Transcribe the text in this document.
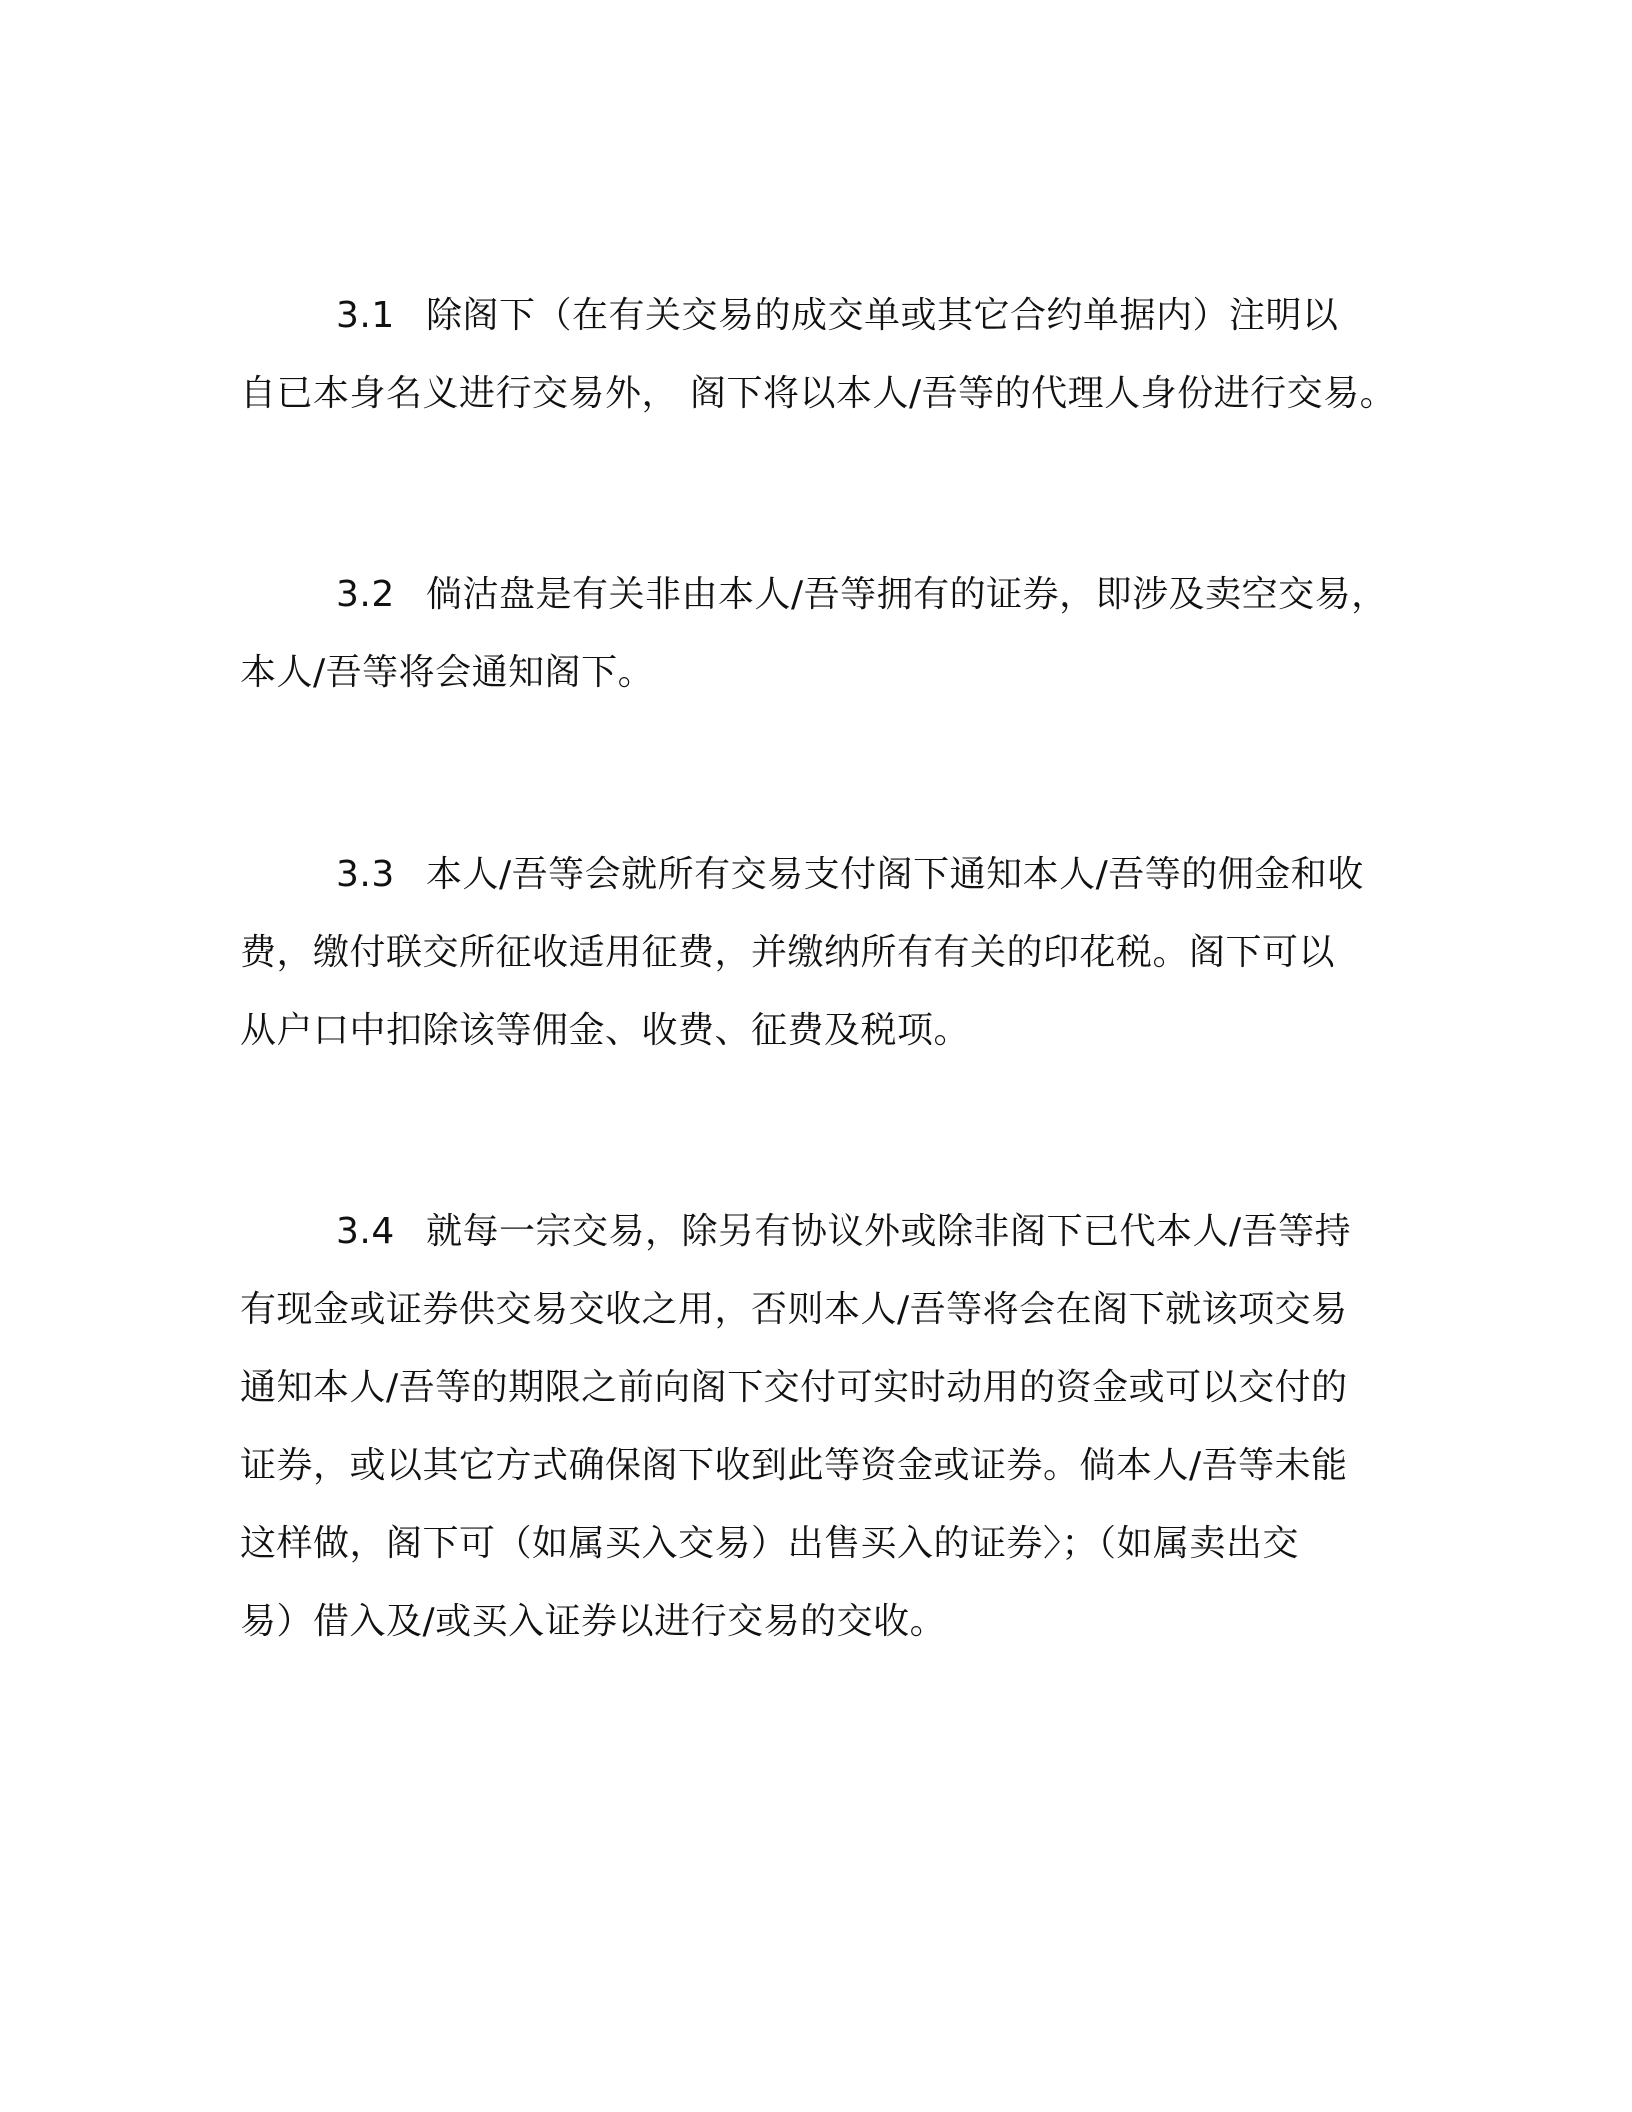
3.1 除阁下（在有关交易的成交单或其它合约单据内）注明以
自已本身名义进行交易外， 阁下将以本人/吾等的代理人身份进行交易。
3.2 倘沽盘是有关非由本人/吾等拥有的证券，即涉及卖空交易，
本人/吾等将会通知阁下。
3.3 本人/吾等会就所有交易支付阁下通知本人/吾等的佣金和收
费，缴付联交所征收适用征费，并缴纳所有有关的印花税。阁下可以
从户口中扣除该等佣金、收费、征费及税项。
3.4 就每一宗交易，除另有协议外或除非阁下已代本人/吾等持
有现金或证券供交易交收之用，否则本人/吾等将会在阁下就该项交易
通知本人/吾等的期限之前向阁下交付可实时动用的资金或可以交付的
证券，或以其它方式确保阁下收到此等资金或证券。倘本人/吾等未能
这样做，阁下可（如属买入交易）出售买入的证券〉；（如属卖出交
易）借入及/或买入证券以进行交易的交收。
